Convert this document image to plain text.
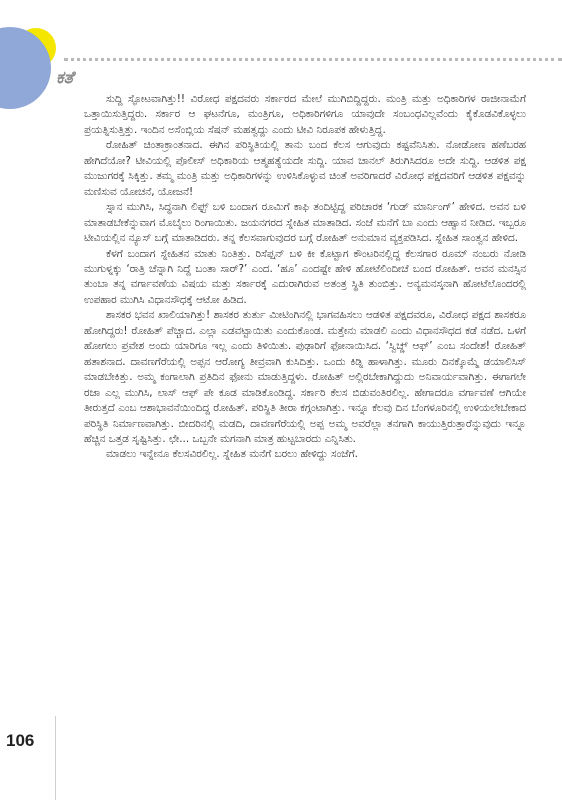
ಕತೆ

ಸುದ್ದಿ ಸ್ಫೋಟವಾಗಿತ್ತು!! ವಿರೋಧ ಪಕ್ಷದವರು ಸರ್ಕಾರದ ಮೇಲೆ ಮುಗಿಬಿದ್ದಿದ್ದರು. ಮಂತ್ರಿ ಮತ್ತು ಅಧಿಕಾರಿಗಳ ರಾಜೀನಾಮೆಗೆ ಒತ್ತಾಯಿಸುತ್ತಿದ್ದರು. ಸರ್ಕಾರ ಆ ಘಟನೆಗೂ, ಮಂತ್ರಿಗೂ, ಅಧಿಕಾರಿಗಳಿಗೂ ಯಾವುದೇ ಸಂಬಂಧವಿಲ್ಲವೆಂದು ಕೈಕೊಡವಿಕೊಳ್ಳಲು ಪ್ರಯತ್ನಿಸುತ್ತಿತ್ತು. ಇಂದಿನ ಅಸೆಂಬ್ಲಿಯ ಸೆಷನ್ ಮಹತ್ವದ್ದು ಎಂದು ಟೀವಿ ನಿರೂಪಕ ಹೇಳುತ್ತಿದ್ದ.

ರೋಹಿತ್ ಚಿಂತಾಕ್ರಾಂತನಾದ. ಈಗಿನ ಪರಿಸ್ಥಿತಿಯಲ್ಲಿ ತಾನು ಬಂದ ಕೆಲಸ ಆಗುವುದು ಕಷ್ಟವೆನಿಸಿತು. ನೋಡೋಣ ಹಣೆಬರಹ ಹೇಗಿದೆಯೋ? ಟೀವಿಯಲ್ಲಿ ಪೊಲೀಸ್ ಅಧಿಕಾರಿಯ ಆತ್ಮಹತ್ಯೆಯದೇ ಸುದ್ದಿ. ಯಾವ ಚಾನಲ್ ತಿರುಗಿಸಿದರೂ ಅದೇ ಸುದ್ದಿ. ಆಡಳಿತ ಪಕ್ಷ ಮುಜುಗರಕ್ಕೆ ಸಿಕ್ಕಿತ್ತು. ತಮ್ಮ ಮಂತ್ರಿ ಮತ್ತು ಅಧಿಕಾರಿಗಳನ್ನು ಉಳಿಸಿಕೊಳ್ಳುವ ಚಿಂತೆ ಅವರಿಗಾದರೆ ವಿರೋಧ ಪಕ್ಷದವರಿಗೆ ಆಡಳಿತ ಪಕ್ಷವನ್ನು ಮಣಿಸುವ ಯೋಚನೆ, ಯೋಜನೆ!

ಸ್ನಾನ ಮುಗಿಸಿ, ಸಿದ್ಧನಾಗಿ ಲಿಫ್ಟ್ ಬಳಿ ಬಂದಾಗ ರೂಮಿಗೆ ಕಾಫಿ ತಂದಿಟ್ಟಿದ್ದ ಪರಿಚಾರಕ ‘ಗುಡ್ ಮಾರ್ನಿಂಗ್’ ಹೇಳಿದ. ಅವನ ಬಳಿ ಮಾತಾಡಬೇಕೆನ್ನುವಾಗ ಮೊಬೈಲು ರಿಂಗಾಯಿತು. ಜಯನಗರದ ಸ್ನೇಹಿತ ಮಾತಾಡಿದ. ಸಂಜೆ ಮನೆಗೆ ಬಾ ಎಂದು ಆಹ್ವಾನ ನೀಡಿದ. ಇಬ್ಬರೂ ಟೀವಿಯಲ್ಲಿನ ನ್ಯೂಸ್ ಬಗ್ಗೆ ಮಾತಾಡಿದರು. ತನ್ನ ಕೆಲಸವಾಗುವುದರ ಬಗ್ಗೆ ರೋಹಿತ್ ಅನುಮಾನ ವ್ಯಕ್ತಪಡಿಸಿದ. ಸ್ನೇಹಿತ ಸಾಂತ್ವನ ಹೇಳಿದ.

ಕೆಳಗೆ ಬಂದಾಗ ಸ್ನೇಹಿತನ ಮಾತು ನಿಂತಿತ್ತು. ರಿಸೆಪ್ಷನ್ ಬಳಿ ಕೀ ಕೊಟ್ಟಾಗ ಕೌಂಟರಿನಲ್ಲಿದ್ದ ಕೆಲಸಗಾರ ರೂಮ್ ನಂಬರು ನೋಡಿ ಮುಗುಳ್ನಕ್ಕು ‘ರಾತ್ರಿ ಚೆನ್ನಾಗಿ ನಿದ್ದೆ ಬಂತಾ ಸಾರ್?’ ಎಂದ. ‘ಹೂ’ ಎಂದಷ್ಟೇ ಹೇಳಿ ಹೋಟೆಲಿಂದೀಚೆ ಬಂದ ರೋಹಿತ್. ಅವನ ಮನಸ್ಸಿನ ತುಂಬಾ ತನ್ನ ವರ್ಗಾವಣೆಯ ವಿಷಯ ಮತ್ತು ಸರ್ಕಾರಕ್ಕೆ ಎದುರಾಗಿರುವ ಅತಂತ್ರ ಸ್ಥಿತಿ ತುಂಬಿತ್ತು. ಅನ್ಯಮನಸ್ಕನಾಗಿ ಹೋಟೆಲೊಂದರಲ್ಲಿ ಉಪಹಾರ ಮುಗಿಸಿ ವಿಧಾನಸೌಧಕ್ಕೆ ಆಟೋ ಹಿಡಿದ.

ಶಾಸಕರ ಭವನ ಖಾಲಿಯಾಗಿತ್ತು! ಶಾಸಕರ ತುರ್ತು ಮೀಟಿಂಗಿನಲ್ಲಿ ಭಾಗವಹಿಸಲು ಆಡಳಿತ ಪಕ್ಷದವರೂ, ವಿರೋಧ ಪಕ್ಷದ ಶಾಸಕರೂ ಹೋಗಿದ್ದರು! ರೋಹಿತ್ ಪೆಚ್ಚಾದ. ಎಲ್ಲಾ ಎಡವಟ್ಟಾಯಿತು ಎಂದುಕೊಂಡ. ಮತ್ತೇನು ಮಾಡಲಿ ಎಂದು ವಿಧಾನಸೌಧದ ಕಡೆ ನಡೆದ. ಒಳಗೆ ಹೋಗಲು ಪ್ರವೇಶ ಅಂದು ಯಾರಿಗೂ ಇಲ್ಲ ಎಂದು ತಿಳಿಯಿತು. ಪುಢಾರಿಗೆ ಫೋನಾಯಿಸಿದ. ‘ಸ್ವಿಚ್ಡ್ ಆಫ್’ ಎಂಬ ಸಂದೇಶ! ರೋಹಿತ್ ಹತಾಶನಾದ. ದಾವಣಗೆರೆಯಲ್ಲಿ ಅಪ್ಪನ ಆರೋಗ್ಯ ತೀವ್ರವಾಗಿ ಕುಸಿದಿತ್ತು. ಒಂದು ಕಿಡ್ನಿ ಹಾಳಾಗಿತ್ತು. ಮೂರು ದಿನಕ್ಕೊಮ್ಮೆ ಡಯಾಲಿಸಿಸ್ ಮಾಡಬೇಕಿತ್ತು. ಅಮ್ಮ ಕಂಗಾಲಾಗಿ ಪ್ರತಿದಿನ ಫೋನು ಮಾಡುತ್ತಿದ್ದಳು. ರೋಹಿತ್ ಅಲ್ಲಿರಬೇಕಾಗಿದ್ದುದು ಅನಿವಾರ್ಯವಾಗಿತ್ತು. ಈಗಾಗಲೇ ರಜಾ ಎಲ್ಲ ಮುಗಿಸಿ, ಲಾಸ್ ಆಫ್ ಪೇ ಕೂಡ ಮಾಡಿಕೊಂಡಿದ್ದ. ಸರ್ಕಾರಿ ಕೆಲಸ ಬಿಡುವಂತಿರಲಿಲ್ಲ. ಹೇಗಾದರೂ ವರ್ಗಾವಣೆ ಆಗಿಯೇ ತೀರುತ್ತದೆ ಎಂಬ ಆಶಾಭಾವನೆಯಿಂದಿದ್ದ ರೋಹಿತ್. ಪರಿಸ್ಥಿತಿ ತೀರಾ ಕಗ್ಗಂಟಾಗಿತ್ತು. ಇನ್ನೂ ಕೆಲವು ದಿನ ಬೆಂಗಳೂರಿನಲ್ಲಿ ಉಳಿಯಲೇಬೇಕಾದ ಪರಿಸ್ಥಿತಿ ನಿರ್ಮಾಣವಾಗಿತ್ತು. ಬೀದರಿನಲ್ಲಿ ಮಡದಿ, ದಾವಣಗೆರೆಯಲ್ಲಿ ಅಪ್ಪ ಅಮ್ಮ ಅವರೆಲ್ಲಾ ತನಗಾಗಿ ಕಾಯುತ್ತಿರುತ್ತಾರೆನ್ನುವುದು ಇನ್ನೂ ಹೆಚ್ಚಿನ ಒತ್ತಡ ಸೃಷ್ಟಿಸಿತ್ತು. ಛೇ... ಒಬ್ಬನೇ ಮಗನಾಗಿ ಮಾತ್ರ ಹುಟ್ಟಬಾರದು ಎನ್ನಿಸಿತು.

ಮಾಡಲು ಇನ್ನೇನೂ ಕೆಲಸವಿರಲಿಲ್ಲ. ಸ್ನೇಹಿತ ಮನೆಗೆ ಬರಲು ಹೇಳಿದ್ದು ಸಂಜೆಗೆ.

106
